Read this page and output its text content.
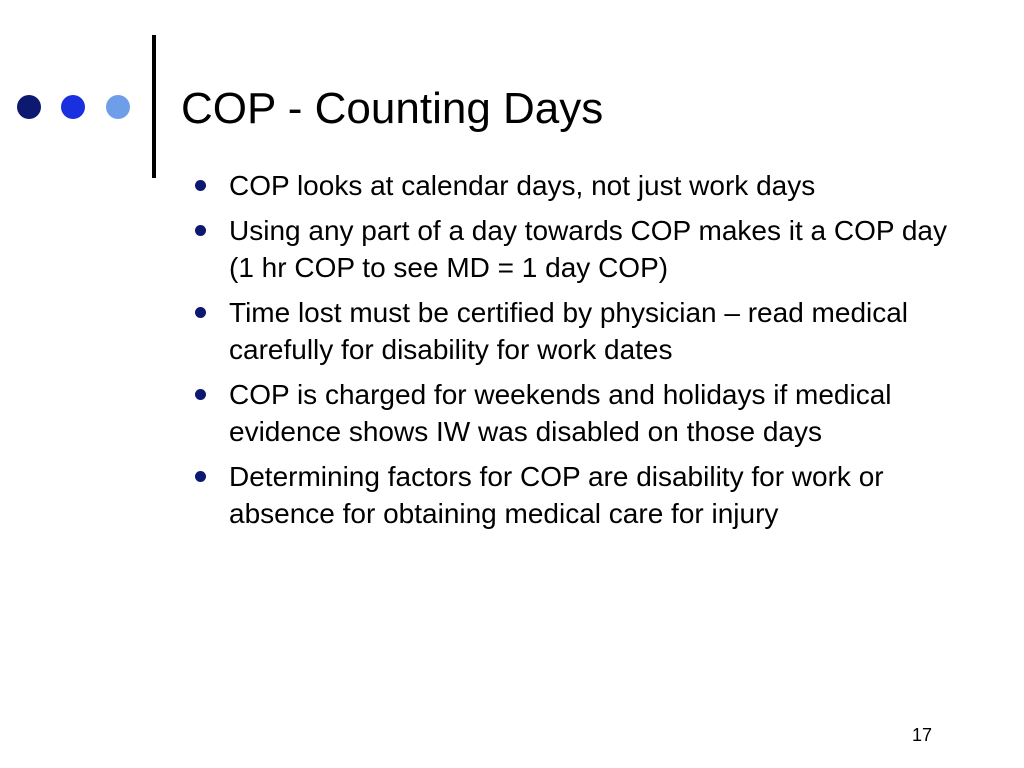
COP - Counting Days
COP looks at calendar days, not just work days
Using any part of a day towards COP makes it a COP day (1 hr COP to see MD = 1 day COP)
Time lost must be certified by physician – read medical carefully for disability for work dates
COP is charged for weekends and holidays if medical evidence shows IW was disabled on those days
Determining factors for COP are disability for work or absence for obtaining medical care for injury
17
